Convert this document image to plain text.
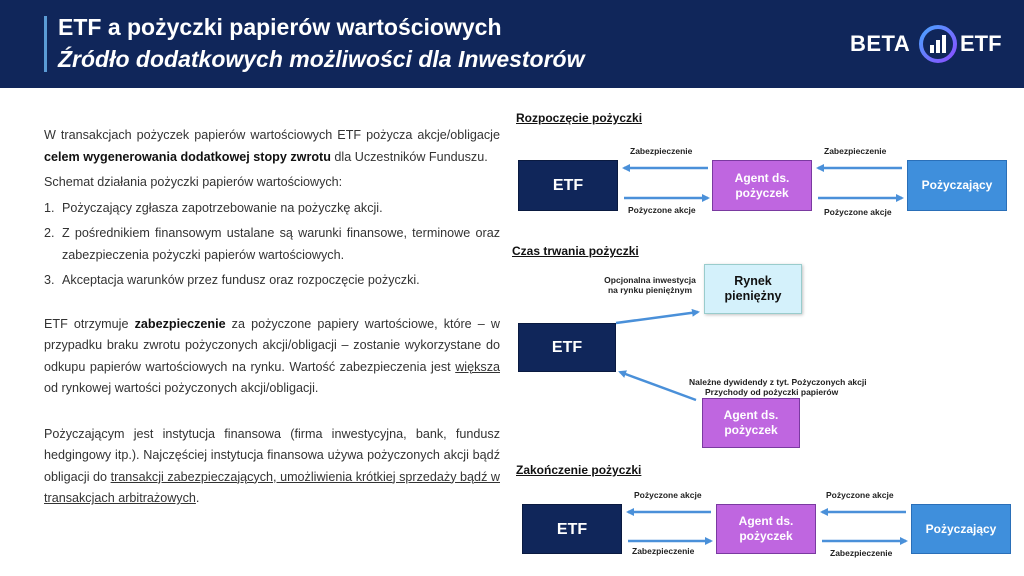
ETF a pożyczki papierów wartościowych
Źródło dodatkowych możliwości dla Inwestorów
BETA ETF

W transakcjach pożyczek papierów wartościowych ETF pożycza akcje/obligacje celem wygenerowania dodatkowej stopy zwrotu dla Uczestników Funduszu.

Schemat działania pożyczki papierów wartościowych:

1. Pożyczający zgłasza zapotrzebowanie na pożyczkę akcji.
2. Z pośrednikiem finansowym ustalane są warunki finansowe, terminowe oraz zabezpieczenia pożyczki papierów wartościowych.
3. Akceptacja warunków przez fundusz oraz rozpoczęcie pożyczki.

ETF otrzymuje zabezpieczenie za pożyczone papiery wartościowe, które – w przypadku braku zwrotu pożyczonych akcji/obligacji – zostanie wykorzystane do odkupu papierów wartościowych na rynku. Wartość zabezpieczenia jest większa od rynkowej wartości pożyczonych akcji/obligacji.

Pożyczającym jest instytucja finansowa (firma inwestycyjna, bank, fundusz hedgingowy itp.). Najczęściej instytucja finansowa używa pożyczonych akcji bądź obligacji do transakcji zabezpieczających, umożliwienia krótkiej sprzedaży bądź w transakcjach arbitrażowych.

Rozpoczęcie pożyczki
ETF	Agent ds. pożyczek
Pożyczający
Zabezpieczenie	Zabezpieczenie
Pożyczone akcje	Pożyczone akcje
Czas trwania pożyczki
ETF
Rynek pieniężny
Agent ds. pożyczek
Opcjonalna inwestycja na rynku pieniężnym
Należne dywidendy z tyt. Pożyczonych akcji
Przychody od pożyczki papierów
Zakończenie pożyczki
ETF	Agent ds. pożyczek
Pożyczający
Pożyczone akcje	Pożyczone akcje
Zabezpieczenie	Zabezpieczenie
